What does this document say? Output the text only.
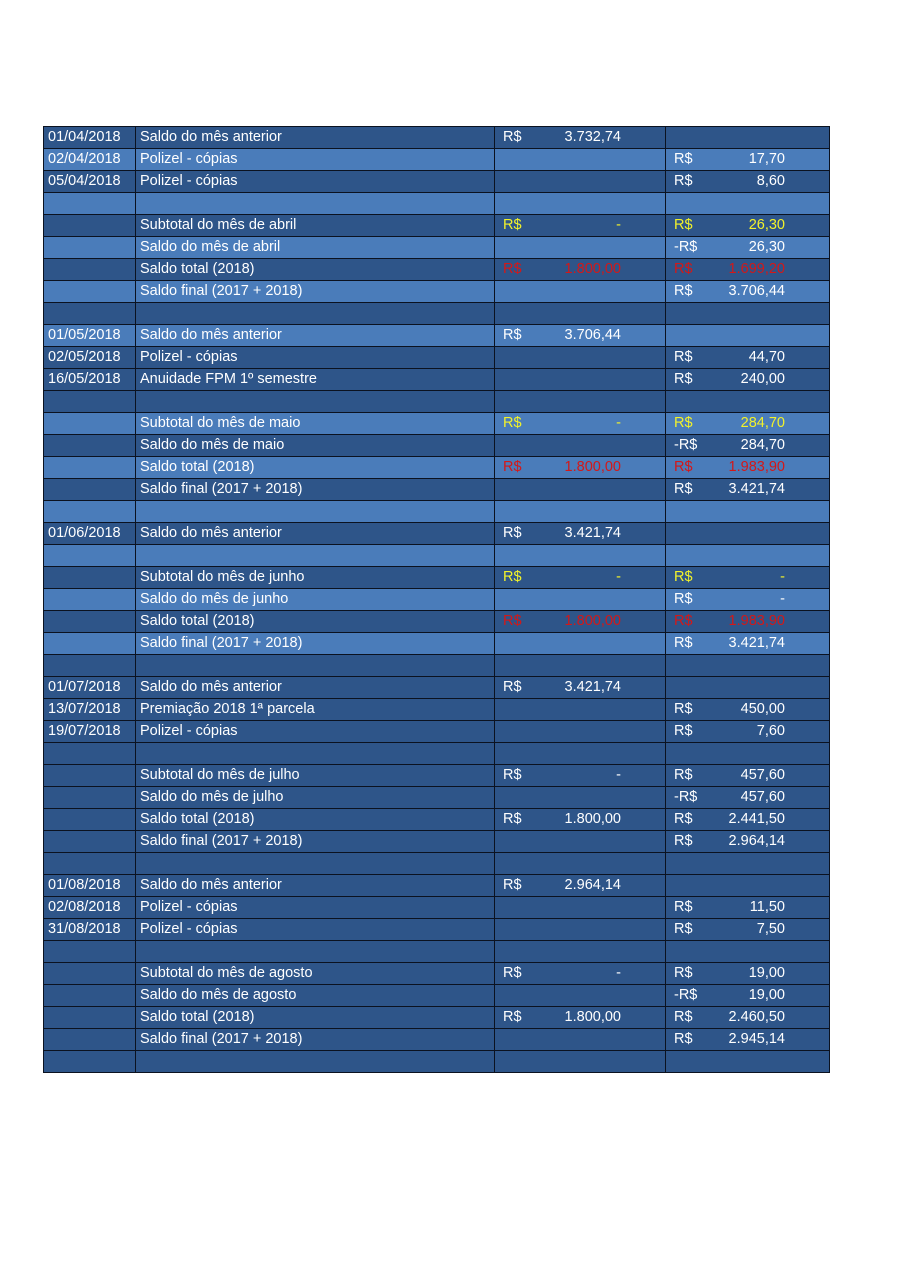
01/04/2018	Saldo do mês anterior	R$ 3.732,74	

02/04/2018	Polizel - cópias		R$ 17,70

05/04/2018	Polizel - cópias		R$ 8,60

	Subtotal do mês de abril	R$ -	R$ 26,30

	Saldo do mês de abril		-R$ 26,30

	Saldo total (2018)	R$ 1.800,00	R$ 1.699,20

	Saldo final (2017 + 2018)		R$ 3.706,44

01/05/2018	Saldo do mês anterior	R$ 3.706,44	

02/05/2018	Polizel - cópias		R$ 44,70

16/05/2018	Anuidade FPM 1º semestre		R$ 240,00

	Subtotal do mês de maio	R$ -	R$ 284,70

	Saldo do mês de maio		-R$ 284,70

	Saldo total (2018)	R$ 1.800,00	R$ 1.983,90

	Saldo final (2017 + 2018)		R$ 3.421,74

01/06/2018	Saldo do mês anterior	R$ 3.421,74	

	Subtotal do mês de junho	R$ -	R$ -

	Saldo do mês de junho		R$ -

	Saldo total (2018)	R$ 1.800,00	R$ 1.983,90

	Saldo final (2017 + 2018)		R$ 3.421,74

01/07/2018	Saldo do mês anterior	R$ 3.421,74	

13/07/2018	Premiação 2018 1ª parcela		R$ 450,00

19/07/2018	Polizel - cópias		R$ 7,60

	Subtotal do mês de julho	R$ -	R$ 457,60

	Saldo do mês de julho		-R$ 457,60

	Saldo total (2018)	R$ 1.800,00	R$ 2.441,50

	Saldo final (2017 + 2018)		R$ 2.964,14

01/08/2018	Saldo do mês anterior	R$ 2.964,14	

02/08/2018	Polizel - cópias		R$ 11,50

31/08/2018	Polizel - cópias		R$ 7,50

	Subtotal do mês de agosto	R$ -	R$ 19,00

	Saldo do mês de agosto		-R$ 19,00

	Saldo total (2018)	R$ 1.800,00	R$ 2.460,50

	Saldo final (2017 + 2018)		R$ 2.945,14
